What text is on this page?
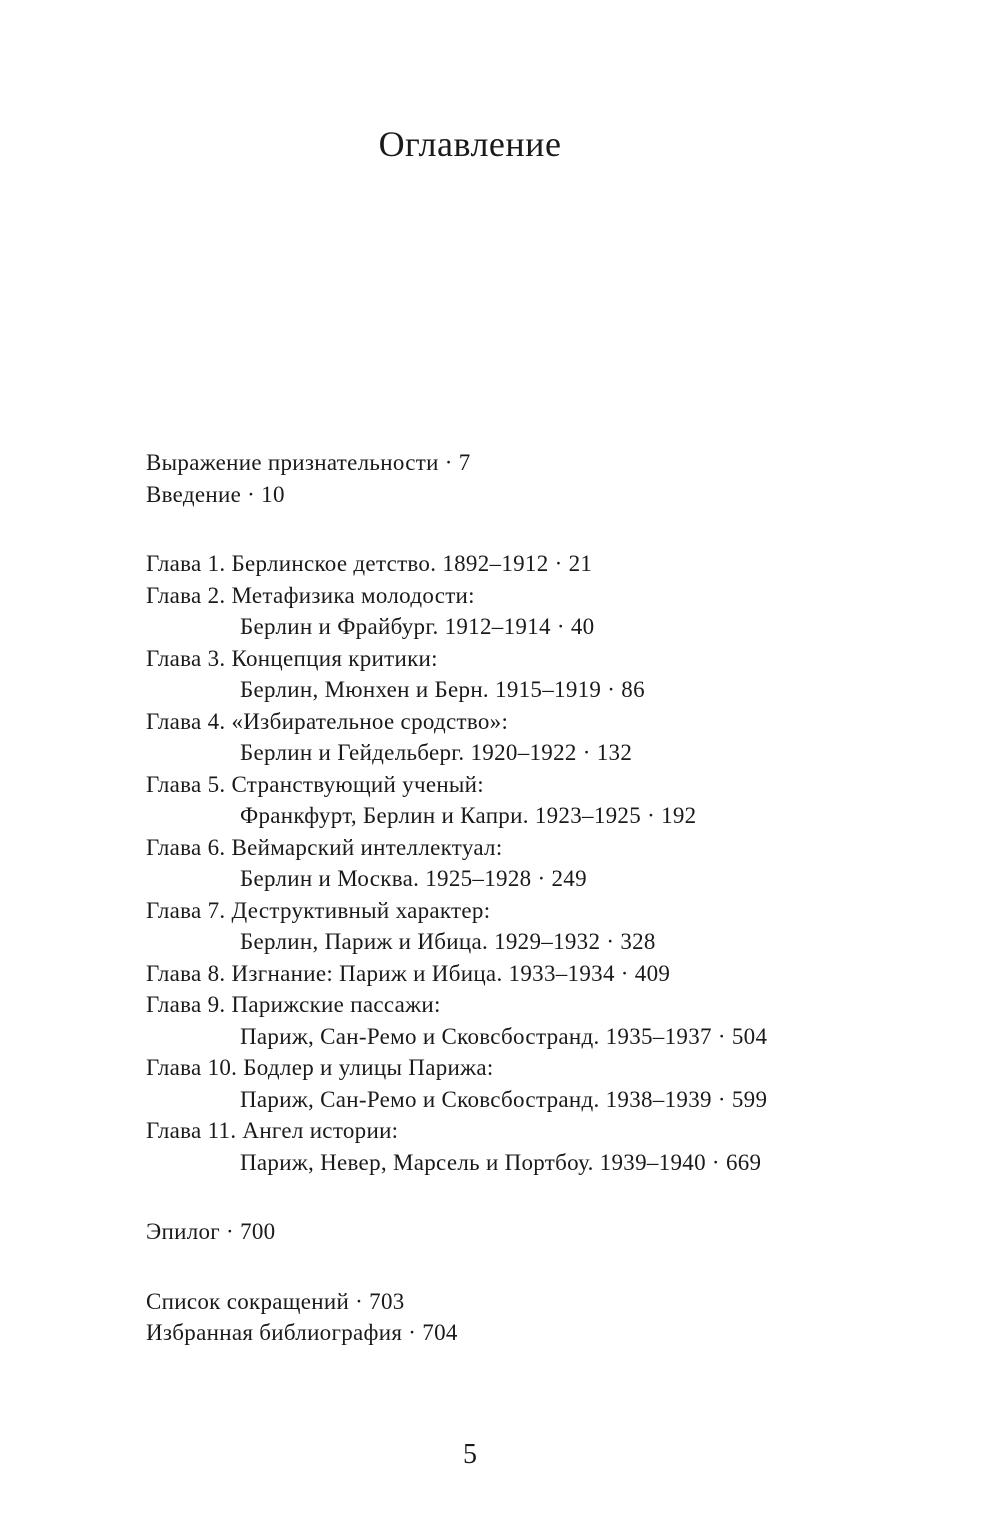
Оглавление
Выражение признательности · 7
Введение · 10
Глава 1. Берлинское детство. 1892–1912 · 21
Глава 2. Метафизика молодости:
Берлин и Фрайбург. 1912–1914 · 40
Глава 3. Концепция критики:
Берлин, Мюнхен и Берн. 1915–1919 · 86
Глава 4. «Избирательное сродство»:
Берлин и Гейдельберг. 1920–1922 · 132
Глава 5. Странствующий ученый:
Франкфурт, Берлин и Капри. 1923–1925 · 192
Глава 6. Веймарский интеллектуал:
Берлин и Москва. 1925–1928 · 249
Глава 7. Деструктивный характер:
Берлин, Париж и Ибица. 1929–1932 · 328
Глава 8. Изгнание: Париж и Ибица. 1933–1934 · 409
Глава 9. Парижские пассажи:
Париж, Сан-Ремо и Сковсбостранд. 1935–1937 · 504
Глава 10. Бодлер и улицы Парижа:
Париж, Сан-Ремо и Сковсбостранд. 1938–1939 · 599
Глава 11. Ангел истории:
Париж, Невер, Марсель и Портбоу. 1939–1940 · 669
Эпилог · 700
Список сокращений · 703
Избранная библиография · 704
5
